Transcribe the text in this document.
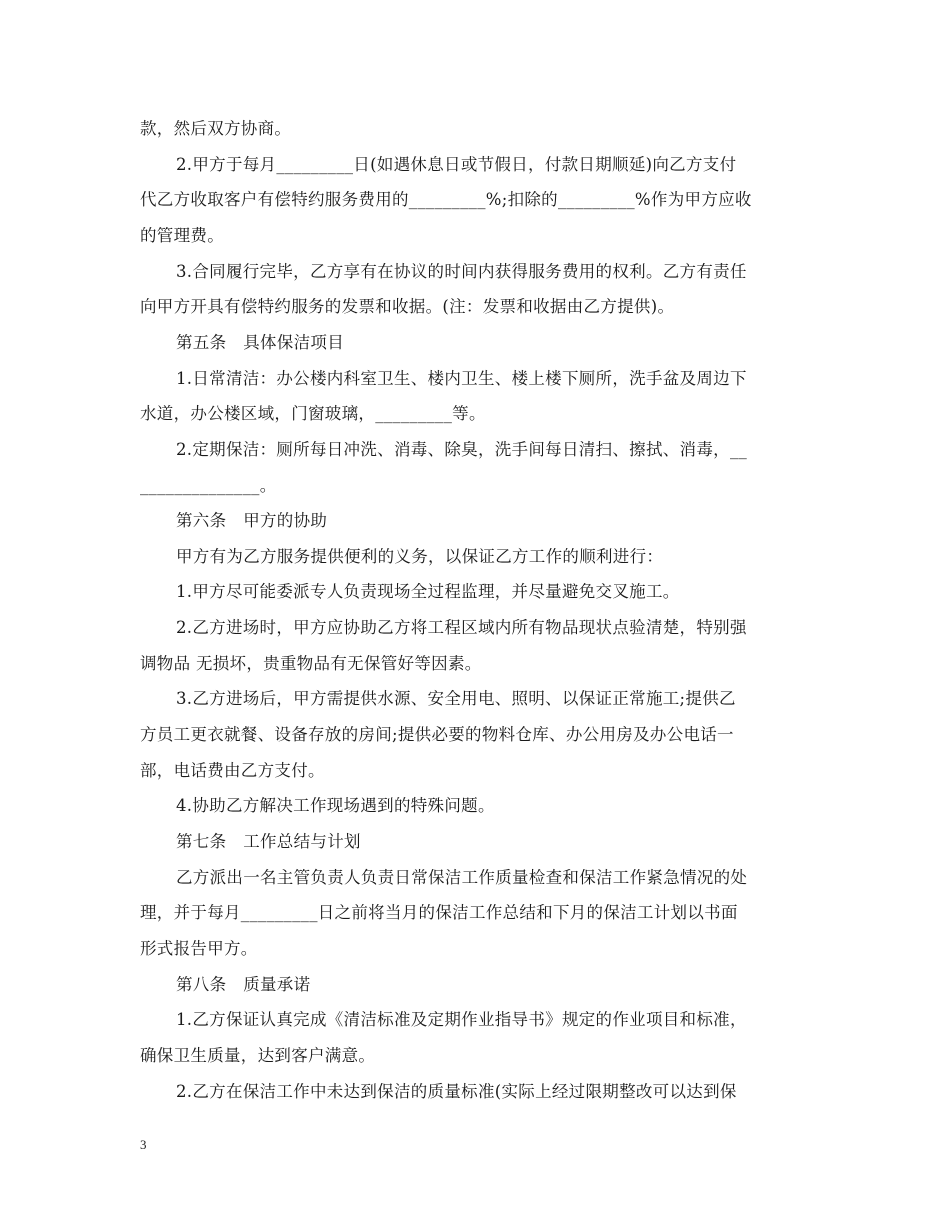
款，然后双方协商。
2.甲方于每月_________日(如遇休息日或节假日，付款日期顺延)向乙方支付
代乙方收取客户有偿特约服务费用的_________%;扣除的_________%作为甲方应收
的管理费。
3.合同履行完毕，乙方享有在协议的时间内获得服务费用的权利。乙方有责任
向甲方开具有偿特约服务的发票和收据。(注：发票和收据由乙方提供)。
第五条　具体保洁项目
1.日常清洁：办公楼内科室卫生、楼内卫生、楼上楼下厕所，洗手盆及周边下
水道，办公楼区域，门窗玻璃，_________等。
2.定期保洁：厕所每日冲洗、消毒、除臭，洗手间每日清扫、擦拭、消毒，__
______________。
第六条　甲方的协助
甲方有为乙方服务提供便利的义务，以保证乙方工作的顺利进行：
1.甲方尽可能委派专人负责现场全过程监理，并尽量避免交叉施工。
2.乙方进场时，甲方应协助乙方将工程区域内所有物品现状点验清楚，特别强
调物品 无损坏，贵重物品有无保管好等因素。
3.乙方进场后，甲方需提供水源、安全用电、照明、以保证正常施工;提供乙
方员工更衣就餐、设备存放的房间;提供必要的物料仓库、办公用房及办公电话一
部，电话费由乙方支付。
4.协助乙方解决工作现场遇到的特殊问题。
第七条　工作总结与计划
乙方派出一名主管负责人负责日常保洁工作质量检查和保洁工作紧急情况的处
理，并于每月_________日之前将当月的保洁工作总结和下月的保洁工计划以书面
形式报告甲方。
第八条　质量承诺
1.乙方保证认真完成《清洁标准及定期作业指导书》规定的作业项目和标准，
确保卫生质量，达到客户满意。
2.乙方在保洁工作中未达到保洁的质量标准(实际上经过限期整改可以达到保
3
